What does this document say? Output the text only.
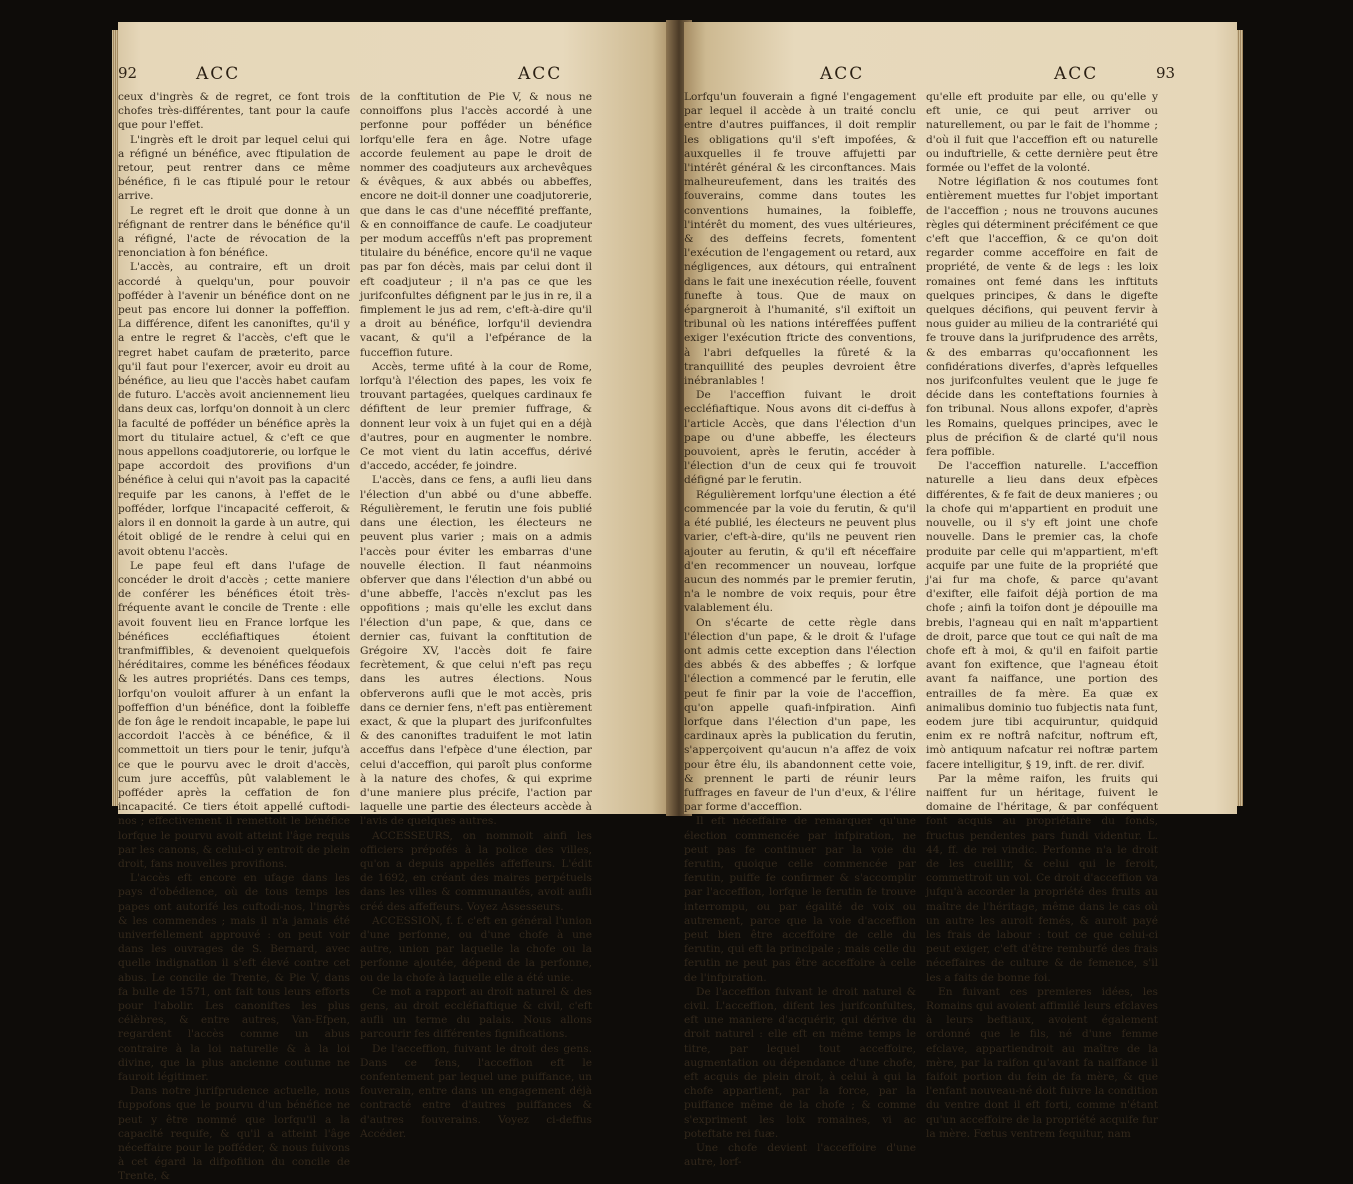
92	ACC	ACC

ceux d'ingrès & de regret, ce font trois chofes très-différentes, tant pour la caufe que pour l'effet.

L'ingrès eft le droit par lequel celui qui a réfigné un bénéfice, avec ftipulation de retour, peut rentrer dans ce même bénéfice, fi le cas ftipulé pour le retour arrive.

Le regret eft le droit que donne à un réfignant de rentrer dans le bénéfice qu'il a réfigné, l'acte de révocation de la renonciation à fon bénéfice.

L'accès, au contraire, eft un droit accordé à quelqu'un, pour pouvoir pofféder à l'avenir un bénéfice dont on ne peut pas encore lui donner la poffeffion. La différence, difent les canoniftes, qu'il y a entre le regret & l'accès, c'eft que le regret habet caufam de præterito, parce qu'il faut pour l'exercer, avoir eu droit au bénéfice, au lieu que l'accès habet caufam de futuro. L'accès avoit anciennement lieu dans deux cas, lorfqu'on donnoit à un clerc la faculté de pofféder un bénéfice après la mort du titulaire actuel, & c'eft ce que nous appellons coadjutorerie, ou lorfque le pape accordoit des provifions d'un bénéfice à celui qui n'avoit pas la capacité requife par les canons, à l'effet de le pofféder, lorfque l'incapacité cefferoit, & alors il en donnoit la garde à un autre, qui étoit obligé de le rendre à celui qui en avoit obtenu l'accès.

Le pape feul eft dans l'ufage de concéder le droit d'accès ; cette maniere de conférer les bénéfices étoit très-fréquente avant le concile de Trente : elle avoit fouvent lieu en France lorfque les bénéfices eccléfiaftiques étoient tranfmiffibles, & devenoient quelquefois héréditaires, comme les bénéfices féodaux & les autres propriétés. Dans ces temps, lorfqu'on vouloit affurer à un enfant la poffeffion d'un bénéfice, dont la foibleffe de fon âge le rendoit incapable, le pape lui accordoit l'accès à ce bénéfice, & il commettoit un tiers pour le tenir, jufqu'à ce que le pourvu avec le droit d'accès, cum jure acceffûs, pût valablement le pofféder après la ceffation de fon incapacité. Ce tiers étoit appellé cuftodi-nos ; effectivement il remettoit le bénéfice lorfque le pourvu avoit atteint l'âge requis par les canons, & celui-ci y entroit de plein droit, fans nouvelles provifions.

L'accès eft encore en ufage dans les pays d'obédience, où de tous temps les papes ont autorifé les cuftodi-nos, l'ingrès & les commendes ; mais il n'a jamais été univerfellement approuvé : on peut voir dans les ouvrages de S. Bernard, avec quelle indignation il s'eft élevé contre cet abus. Le concile de Trente, & Pie V, dans fa bulle de 1571, ont fait tous leurs efforts pour l'abolir. Les canoniftes les plus célèbres, & entre autres, Van-Efpen, regardent l'accès comme un abus contraire à la loi naturelle & à la loi divine, que la plus ancienne coutume ne fauroit légitimer.

Dans notre jurifprudence actuelle, nous fuppofons que le pourvu d'un bénéfice ne peut y être nommé que lorfqu'il a la capacité requife, & qu'il a atteint l'âge néceffaire pour le pofféder, & nous fuivons à cet égard la difpofition du concile de Trente, &

de la conftitution de Pie V, & nous ne connoiffons plus l'accès accordé à une perfonne pour pofféder un bénéfice lorfqu'elle fera en âge. Notre ufage accorde feulement au pape le droit de nommer des coadjuteurs aux archevêques & évêques, & aux abbés ou abbeffes, encore ne doit-il donner une coadjutorerie, que dans le cas d'une néceffité preffante, & en connoiffance de caufe. Le coadjuteur per modum acceffûs n'eft pas proprement titulaire du bénéfice, encore qu'il ne vaque pas par fon décès, mais par celui dont il eft coadjuteur ; il n'a pas ce que les jurifconfultes défignent par le jus in re, il a fimplement le jus ad rem, c'eft-à-dire qu'il a droit au bénéfice, lorfqu'il deviendra vacant, & qu'il a l'efpérance de la fucceffion future.

Accès, terme ufité à la cour de Rome, lorfqu'à l'élection des papes, les voix fe trouvant partagées, quelques cardinaux fe défiftent de leur premier fuffrage, & donnent leur voix à un fujet qui en a déjà d'autres, pour en augmenter le nombre. Ce mot vient du latin acceffus, dérivé d'accedo, accéder, fe joindre.

L'accès, dans ce fens, a aufli lieu dans l'élection d'un abbé ou d'une abbeffe. Régulièrement, le ferutin une fois publié dans une élection, les électeurs ne peuvent plus varier ; mais on a admis l'accès pour éviter les embarras d'une nouvelle élection. Il faut néanmoins obferver que dans l'élection d'un abbé ou d'une abbeffe, l'accès n'exclut pas les oppofitions ; mais qu'elle les exclut dans l'élection d'un pape, & que, dans ce dernier cas, fuivant la conftitution de Grégoire XV, l'accès doit fe faire fecrètement, & que celui n'eft pas reçu dans les autres élections. Nous obferverons aufli que le mot accès, pris dans ce dernier fens, n'eft pas entièrement exact, & que la plupart des jurifconfultes & des canoniftes traduifent le mot latin acceffus dans l'efpèce d'une élection, par celui d'acceffion, qui paroît plus conforme à la nature des chofes, & qui exprime d'une maniere plus précife, l'action par laquelle une partie des électeurs accède à l'avis de quelques autres.

ACCESSEURS, on nommoit ainfi les officiers prépofés à la police des villes, qu'on a depuis appellés affeffeurs. L'édit de 1692, en créant des maires perpétuels dans les villes & communautés, avoit aufli créé des affeffeurs. Voyez Assesseurs.

ACCESSION, f. f. c'eft en général l'union d'une perfonne, ou d'une chofe à une autre, union par laquelle la chofe ou la perfonne ajoutée, dépend de la perfonne, ou de la chofe à laquelle elle a été unie.

Ce mot a rapport au droit naturel & des gens, au droit eccléfiaftique & civil, c'eft aufli un terme du palais. Nous allons parcourir fes différentes fignifications.

De l'acceffion, fuivant le droit des gens. Dans ce fens, l'acceffion eft le confentement par lequel une puiffance, un fouverain, entre dans un engagement déjà contracté entre d'autres puiffances & d'autres fouverains. Voyez ci-deffus Accéder.

ACC	ACC	93

Lorfqu'un fouverain a figné l'engagement par lequel il accède à un traité conclu entre d'autres puiffances, il doit remplir les obligations qu'il s'eft impofées, & auxquelles il fe trouve affujetti par l'intérêt général & les circonftances. Mais malheureufement, dans les traités des fouverains, comme dans toutes les conventions humaines, la foibleffe, l'intérêt du moment, des vues ultérieures, & des deffeins fecrets, fomentent l'exécution de l'engagement ou retard, aux négligences, aux détours, qui entraînent dans le fait une inexécution réelle, fouvent funefte à tous. Que de maux on épargneroit à l'humanité, s'il exiftoit un tribunal où les nations intéreffées puffent exiger l'exécution ftricte des conventions, à l'abri defquelles la fûreté & la tranquillité des peuples devroient être inébranlables !

De l'acceffion fuivant le droit eccléfiaftique. Nous avons dit ci-deffus à l'article Accès, que dans l'élection d'un pape ou d'une abbeffe, les électeurs pouvoient, après le ferutin, accéder à l'élection d'un de ceux qui fe trouvoit défigné par le ferutin.

Régulièrement lorfqu'une élection a été commencée par la voie du ferutin, & qu'il a été publié, les électeurs ne peuvent plus varier, c'eft-à-dire, qu'ils ne peuvent rien ajouter au ferutin, & qu'il eft néceffaire d'en recommencer un nouveau, lorfque aucun des nommés par le premier ferutin, n'a le nombre de voix requis, pour être valablement élu.

On s'écarte de cette règle dans l'élection d'un pape, & le droit & l'ufage ont admis cette exception dans l'élection des abbés & des abbeffes ; & lorfque l'élection a commencé par le ferutin, elle peut fe finir par la voie de l'acceffion, qu'on appelle quafi-infpiration. Ainfi lorfque dans l'élection d'un pape, les cardinaux après la publication du ferutin, s'apperçoivent qu'aucun n'a affez de voix pour être élu, ils abandonnent cette voie, & prennent le parti de réunir leurs fuffrages en faveur de l'un d'eux, & l'élire par forme d'acceffion.

Il eft néceffaire de remarquer qu'une élection commencée par infpiration, ne peut pas fe continuer par la voie du ferutin, quoique celle commencée par ferutin, puiffe fe confirmer & s'accomplir par l'acceffion, lorfque le ferutin fe trouve interrompu, ou par égalité de voix ou autrement, parce que la voie d'acceffion peut bien être acceffoire de celle du ferutin, qui eft la principale ; mais celle du ferutin ne peut pas être acceffoire à celle de l'infpiration.

De l'acceffion fuivant le droit naturel & civil. L'acceffion, difent les jurifconfultes, eft une maniere d'acquérir, qui dérive du droit naturel : elle eft en même temps le titre, par lequel tout acceffoire, augmentation ou dépendance d'une chofe, eft acquis de plein droit, à celui à qui la chofe appartient, par la force, par la puiffance même de la chofe ; & comme s'expriment les loix romaines, vi ac poteftate rei fuæ.

Une chofe devient l'acceffoire d'une autre, lorf-

qu'elle eft produite par elle, ou qu'elle y eft unie, ce qui peut arriver ou naturellement, ou par le fait de l'homme ; d'où il fuit que l'acceffion eft ou naturelle ou induftrielle, & cette dernière peut être formée ou l'effet de la volonté.

Notre légiflation & nos coutumes font entièrement muettes fur l'objet important de l'acceffion ; nous ne trouvons aucunes règles qui déterminent précifément ce que c'eft que l'acceffion, & ce qu'on doit regarder comme acceffoire en fait de propriété, de vente & de legs : les loix romaines ont femé dans les inftituts quelques principes, & dans le digefte quelques décifions, qui peuvent fervir à nous guider au milieu de la contrariété qui fe trouve dans la jurifprudence des arrêts, & des embarras qu'occafionnent les confidérations diverfes, d'après lefquelles nos jurifconfultes veulent que le juge fe décide dans les conteftations fournies à fon tribunal. Nous allons expofer, d'après les Romains, quelques principes, avec le plus de précifion & de clarté qu'il nous fera poffible.

De l'acceffion naturelle. L'acceffion naturelle a lieu dans deux efpèces différentes, & fe fait de deux manieres ; ou la chofe qui m'appartient en produit une nouvelle, ou il s'y eft joint une chofe nouvelle. Dans le premier cas, la chofe produite par celle qui m'appartient, m'eft acquife par une fuite de la propriété que j'ai fur ma chofe, & parce qu'avant d'exifter, elle faifoit déjà portion de ma chofe ; ainfi la toifon dont je dépouille ma brebis, l'agneau qui en naît m'appartient de droit, parce que tout ce qui naît de ma chofe eft à moi, & qu'il en faifoit partie avant fon exiftence, que l'agneau étoit avant fa naiffance, une portion des entrailles de fa mère. Ea quæ ex animalibus dominio tuo fubjectis nata funt, eodem jure tibi acquiruntur, quidquid enim ex re noftrâ nafcitur, noftrum eft, imò antiquum nafcatur rei noftræ partem facere intelligitur, § 19, inft. de rer. divif.

Par la même raifon, les fruits qui naiffent fur un héritage, fuivent le domaine de l'héritage, & par conféquent font acquis au propriétaire du fonds, fructus pendentes pars fundi videntur. L. 44, ff. de rei vindic. Perfonne n'a le droit de les cueillir, & celui qui le feroit, commettroit un vol. Ce droit d'acceffion va jufqu'à accorder la propriété des fruits au maître de l'héritage, même dans le cas où un autre les auroit femés, & auroit payé les frais de labour : tout ce que celui-ci peut exiger, c'eft d'être remburfé des frais néceffaires de culture & de femence, s'il les a faits de bonne foi.

En fuivant ces premieres idées, les Romains qui avoient affimilé leurs efclaves à leurs beftiaux, avoient également ordonné que le fils, né d'une femme efclave, appartiendroit au maître de la mère, par la raifon qu'avant fa naiffance il faifoit portion du fein de fa mère, & que l'enfant nouveau-né doit fuivre la condition du ventre dont il eft forti, comme n'étant qu'un acceffoire de la propriété acquife fur la mère. Fœtus ventrem fequitur, nam
